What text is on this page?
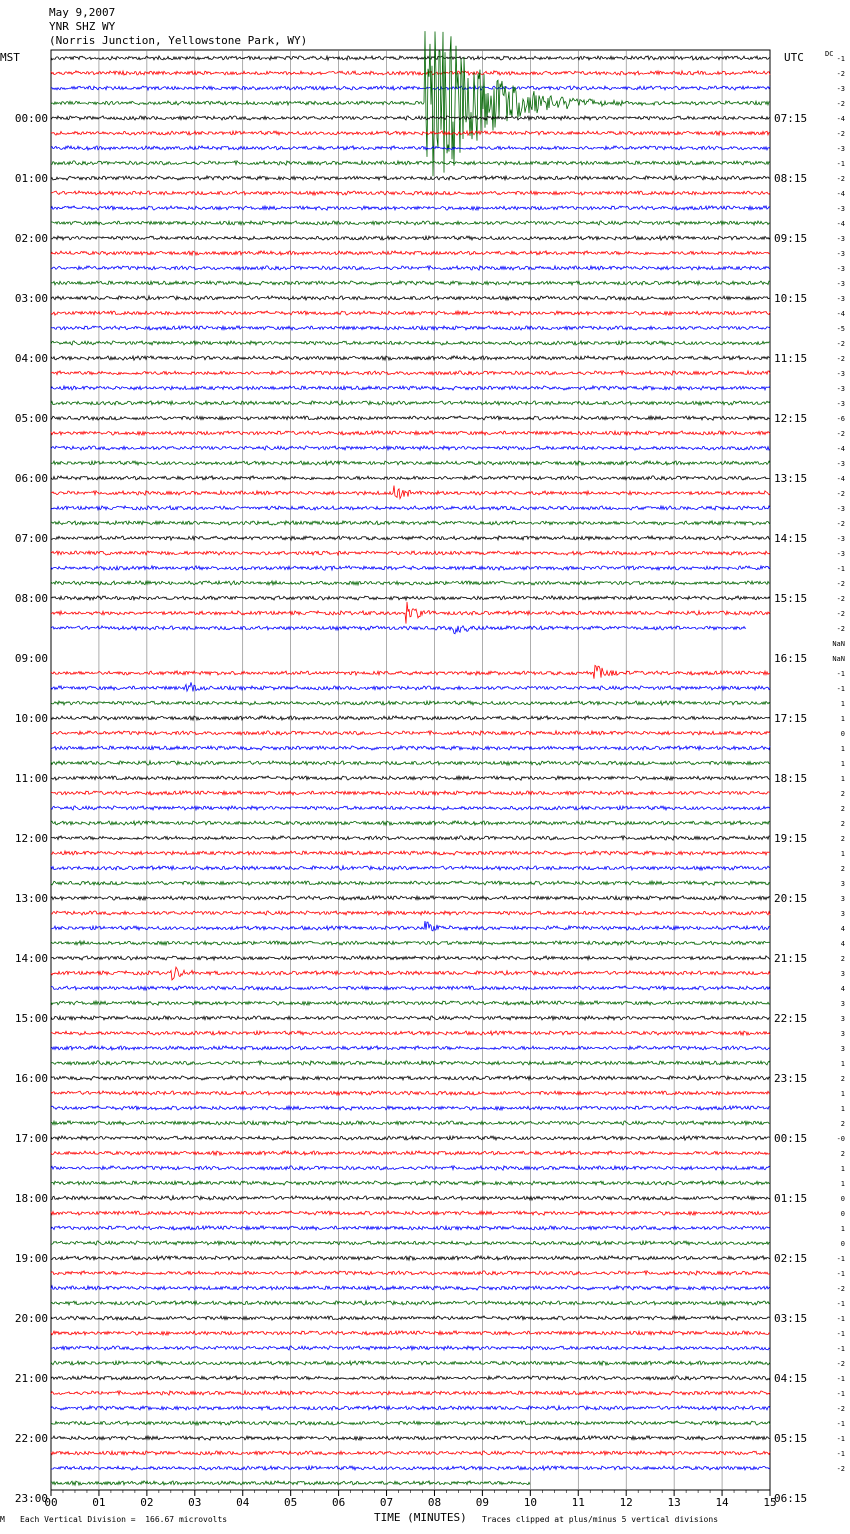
May 9,2007
YNR SHZ WY
(Norris Junction, Yellowstone Park, WY)
MST	UTC	DC
00	01	02	03	04	05	06	07	08	09	10	11	12	13	14	15
-1
-2
-3
-2
-4
-2
-3
-1
-2
-4
-3
-4
-3
-3
-3
-3
-3
-4
-5
-2
-2
-3
-3
-3
-6
-2
-4
-3
-4
-2
-3
-2
-3
-3
-1
-2
-2
-2
-2
NaN
NaN
-1
-1
1
1
0
1
1
1
2
2
2
2
1
2
3
3
3
4
4
2
3
4
3
3
3
3
1
2
1
1
2
-0
2
1
1
0
0
1
0
-1
-1
-2
-1
-1
-1
-1
-2
-1
-1
-2
-1
-1
-1
-2
00:00
01:00
02:00
03:00
04:00
05:00
06:00
07:00
08:00
09:00
10:00
11:00
12:00
13:00
14:00
15:00
16:00
17:00
18:00
19:00
20:00
21:00
22:00
23:00
07:15
08:15
09:15
10:15
11:15
12:15
13:15
14:15
15:15
16:15
17:15
18:15
19:15
20:15
21:15
22:15
23:15
00:15
01:15
02:15
03:15
04:15
05:15
06:15
M Each Vertical Division =  166.67 microvolts	TIME (MINUTES) Traces clipped at plus/minus 5 vertical divisions
